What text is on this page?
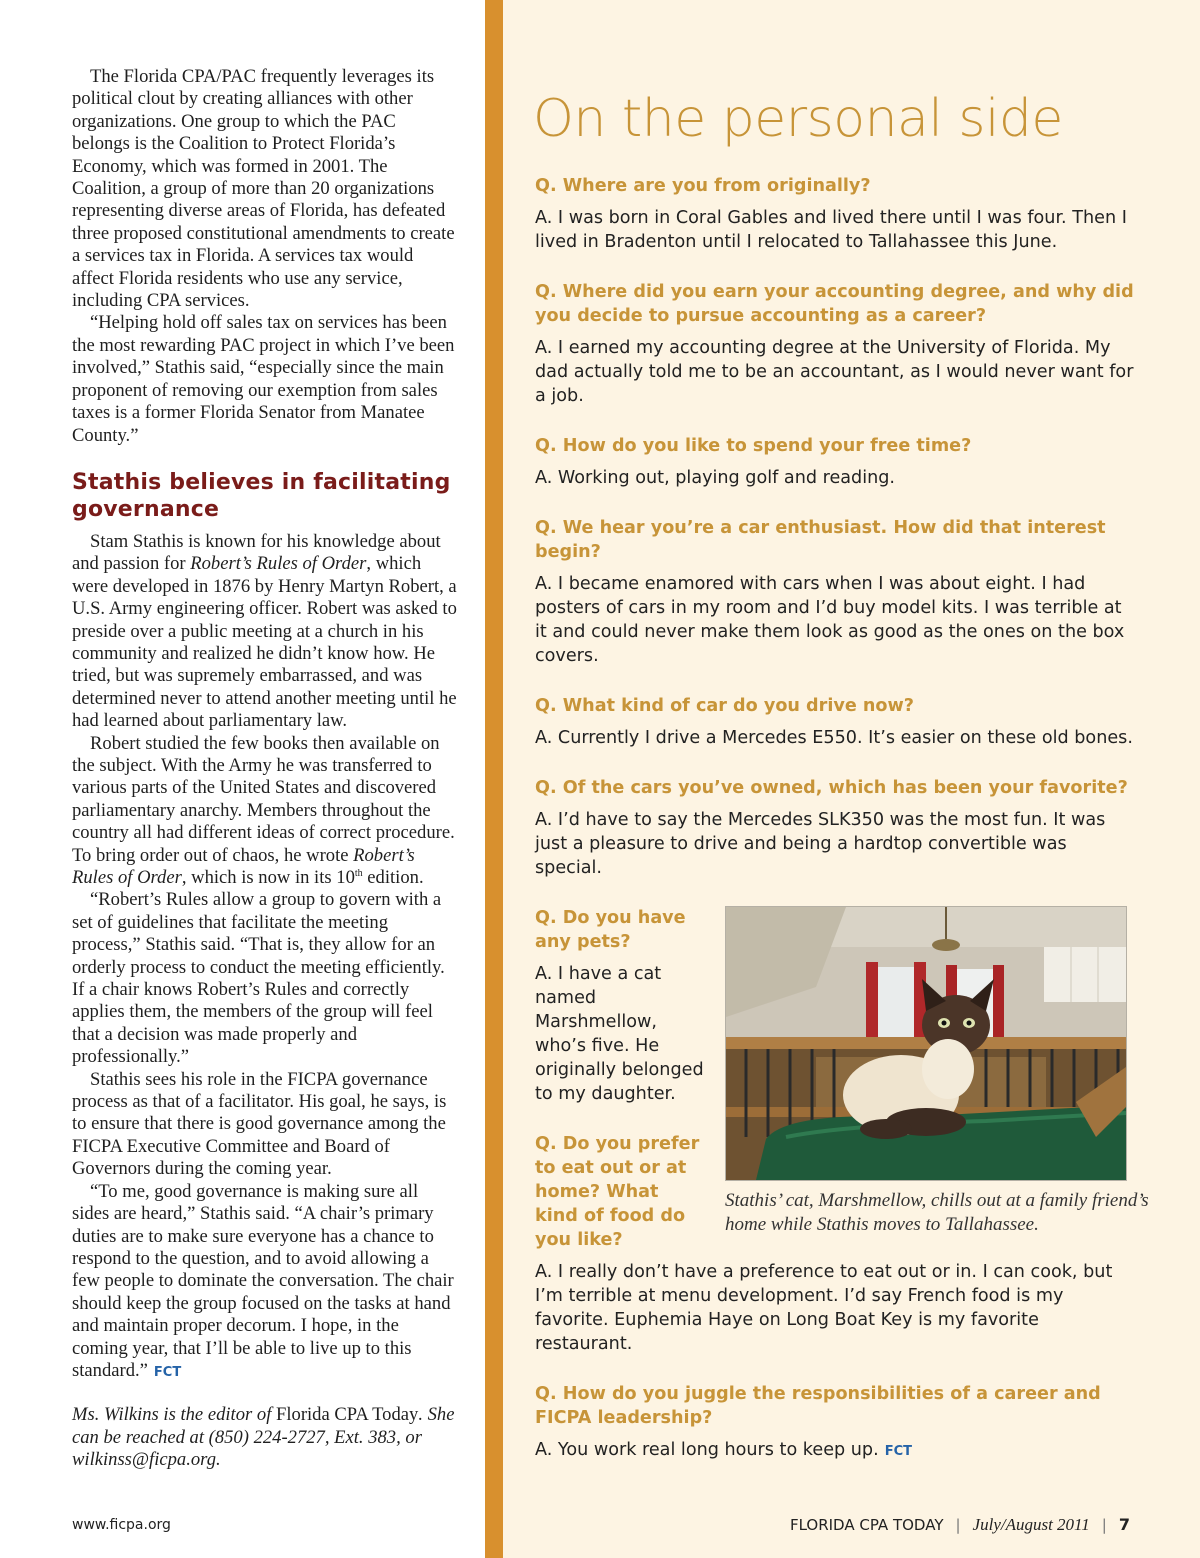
The Florida CPA/PAC frequently leverages its political clout by creating alliances with other organizations. One group to which the PAC belongs is the Coalition to Protect Florida’s Economy, which was formed in 2001. The Coalition, a group of more than 20 organizations representing diverse areas of Florida, has defeated three proposed constitutional amendments to create a services tax in Florida. A services tax would affect Florida residents who use any service, including CPA services.

“Helping hold off sales tax on services has been the most rewarding PAC project in which I’ve been involved,” Stathis said, “especially since the main proponent of removing our exemption from sales taxes is a former Florida Senator from Manatee County.”

Stathis believes in facilitating governance

Stam Stathis is known for his knowledge about and passion for Robert’s Rules of Order, which were developed in 1876 by Henry Martyn Robert, a U.S. Army engineering officer. Robert was asked to preside over a public meeting at a church in his community and realized he didn’t know how. He tried, but was supremely embarrassed, and was determined never to attend another meeting until he had learned about parliamentary law.

Robert studied the few books then available on the subject. With the Army he was transferred to various parts of the United States and discovered parliamentary anarchy. Members throughout the country all had different ideas of correct procedure. To bring order out of chaos, he wrote Robert’s Rules of Order, which is now in its 10th edition.

“Robert’s Rules allow a group to govern with a set of guidelines that facilitate the meeting process,” Stathis said. “That is, they allow for an orderly process to conduct the meeting efficiently. If a chair knows Robert’s Rules and correctly applies them, the members of the group will feel that a decision was made properly and professionally.”

Stathis sees his role in the FICPA governance process as that of a facilitator. His goal, he says, is to ensure that there is good governance among the FICPA Executive Committee and Board of Governors during the coming year.

“To me, good governance is making sure all sides are heard,” Stathis said. “A chair’s primary duties are to make sure everyone has a chance to respond to the question, and to avoid allowing a few people to dominate the conversation. The chair should keep the group focused on the tasks at hand and maintain proper decorum. I hope, in the coming year, that I’ll be able to live up to this standard.” FCT

Ms. Wilkins is the editor of Florida CPA Today. She can be reached at (850) 224-2727, Ext. 383, or wilkinss@ficpa.org.

On the personal side
Q. Where are you from originally?
A. I was born in Coral Gables and lived there until I was four. Then I lived in Bradenton until I relocated to Tallahassee this June.
Q. Where did you earn your accounting degree, and why did you decide to pursue accounting as a career?
A. I earned my accounting degree at the University of Florida. My dad actually told me to be an accountant, as I would never want for a job.
Q. How do you like to spend your free time?
A. Working out, playing golf and reading.
Q. We hear you’re a car enthusiast. How did that interest begin?
A. I became enamored with cars when I was about eight. I had posters of cars in my room and I’d buy model kits. I was terrible at it and could never make them look as good as the ones on the box covers.
Q. What kind of car do you drive now?
A. Currently I drive a Mercedes E550. It’s easier on these old bones.
Q. Of the cars you’ve owned, which has been your favorite?
A. I’d have to say the Mercedes SLK350 was the most fun. It was just a pleasure to drive and being a hardtop convertible was special.
Q. Do you have any pets?
A. I have a cat named Marshmellow, who’s five. He originally belonged to my daughter.
Q. Do you prefer to eat out or at home? What kind of food do you like?
Stathis’ cat, Marshmellow, chills out at a family friend’s home while Stathis moves to Tallahassee.
A. I really don’t have a preference to eat out or in. I can cook, but I’m terrible at menu development. I’d say French food is my favorite. Euphemia Haye on Long Boat Key is my favorite restaurant.
Q. How do you juggle the responsibilities of a career and FICPA leadership?
A. You work real long hours to keep up. FCT
www.ficpa.org	FLORIDA CPA TODAY | July/August 2011 | 7
